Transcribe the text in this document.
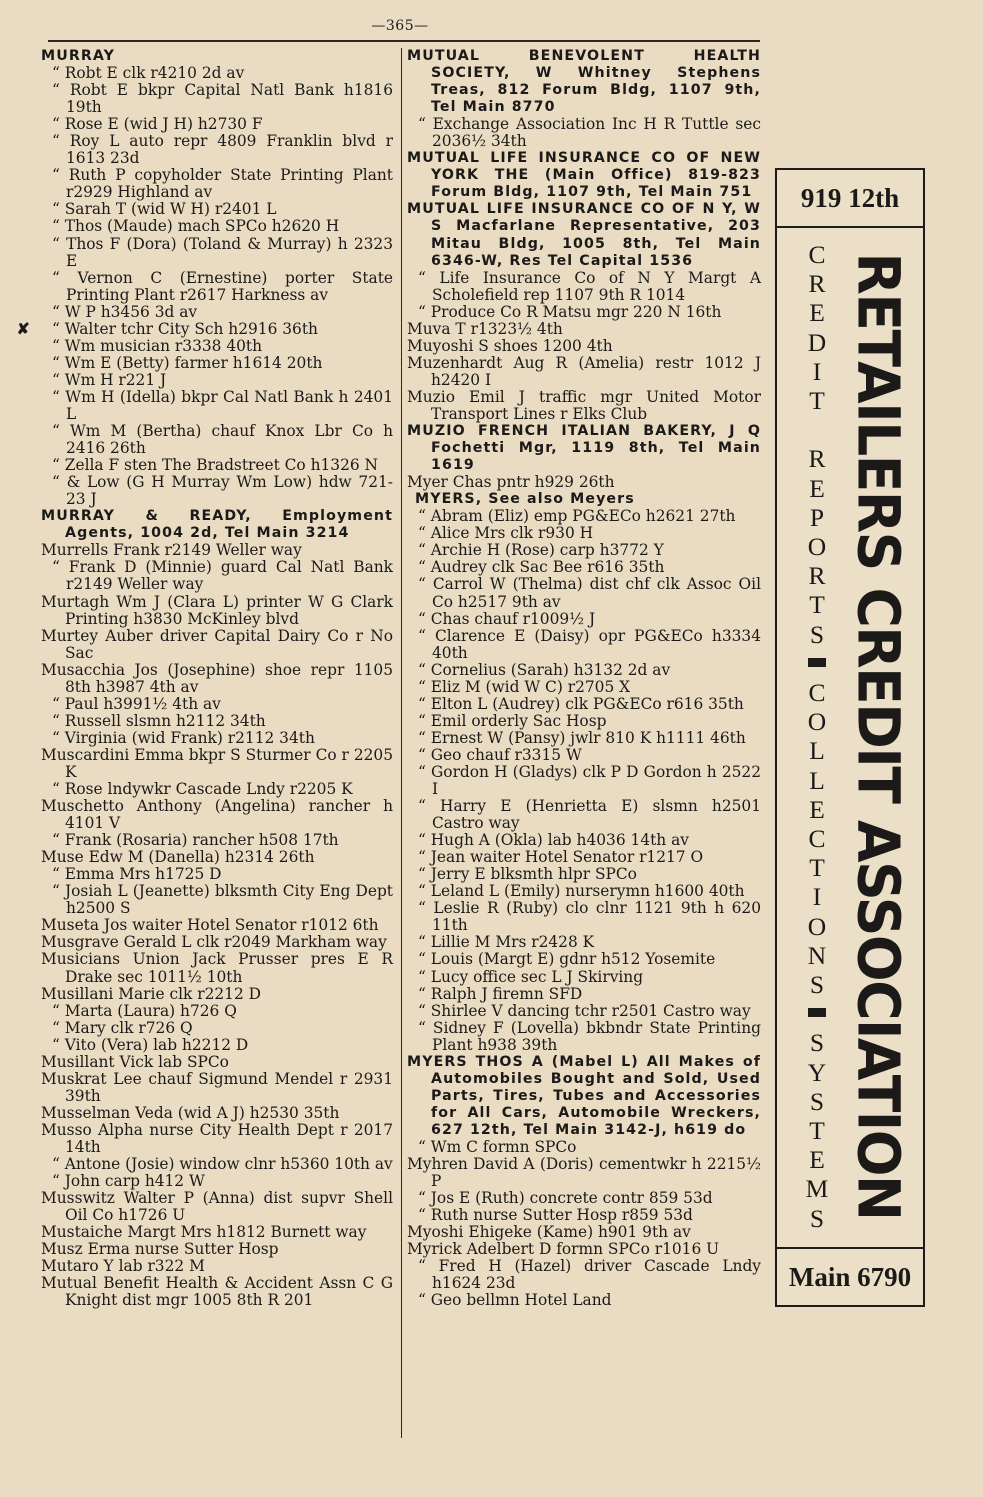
—365—
MURRAY
“ Robt E clk r4210 2d av
“ Robt E bkpr Capital Natl Bank h1816 19th
“ Rose E (wid J H) h2730 F
“ Roy L auto repr 4809 Franklin blvd r 1613 23d
“ Ruth P copyholder State Printing Plant r2929 Highland av
“ Sarah T (wid W H) r2401 L
“ Thos (Maude) mach SPCo h2620 H
“ Thos F (Dora) (Toland & Murray) h 2323 E
“ Vernon C (Ernestine) porter State Printing Plant r2617 Harkness av
“ W P h3456 3d av
“ ✘ Walter tchr City Sch h2916 36th
“ Wm musician r3338 40th
“ Wm E (Betty) farmer h1614 20th
“ Wm H r221 J
“ Wm H (Idella) bkpr Cal Natl Bank h 2401 L
“ Wm M (Bertha) chauf Knox Lbr Co h 2416 26th
“ Zella F sten The Bradstreet Co h1326 N
“ & Low (G H Murray Wm Low) hdw 721-23 J
MURRAY & READY, Employment Agents, 1004 2d, Tel Main 3214
Murrells Frank r2149 Weller way
“ Frank D (Minnie) guard Cal Natl Bank r2149 Weller way
Murtagh Wm J (Clara L) printer W G Clark Printing h3830 McKinley blvd
Murtey Auber driver Capital Dairy Co r No Sac
Musacchia Jos (Josephine) shoe repr 1105 8th h3987 4th av
“ Paul h3991½ 4th av
“ Russell slsmn h2112 34th
“ Virginia (wid Frank) r2112 34th
Muscardini Emma bkpr S Sturmer Co r 2205 K
“ Rose lndywkr Cascade Lndy r2205 K
Muschetto Anthony (Angelina) rancher h 4101 V
“ Frank (Rosaria) rancher h508 17th
Muse Edw M (Danella) h2314 26th
“ Emma Mrs h1725 D
“ Josiah L (Jeanette) blksmth City Eng Dept h2500 S
Museta Jos waiter Hotel Senator r1012 6th
Musgrave Gerald L clk r2049 Markham way
Musicians Union Jack Prusser pres E R Drake sec 1011½ 10th
Musillani Marie clk r2212 D
“ Marta (Laura) h726 Q
“ Mary clk r726 Q
“ Vito (Vera) lab h2212 D
Musillant Vick lab SPCo
Muskrat Lee chauf Sigmund Mendel r 2931 39th
Musselman Veda (wid A J) h2530 35th
Musso Alpha nurse City Health Dept r 2017 14th
“ Antone (Josie) window clnr h5360 10th av
“ John carp h412 W
Musswitz Walter P (Anna) dist supvr Shell Oil Co h1726 U
Mustaiche Margt Mrs h1812 Burnett way
Musz Erma nurse Sutter Hosp
Mutaro Y lab r322 M
Mutual Benefit Health & Accident Assn C G Knight dist mgr 1005 8th R 201
MUTUAL BENEVOLENT HEALTH SOCIETY, W Whitney Stephens Treas, 812 Forum Bldg, 1107 9th, Tel Main 8770
“ Exchange Association Inc H R Tuttle sec 2036½ 34th
MUTUAL LIFE INSURANCE CO OF NEW YORK THE (Main Office) 819-823 Forum Bldg, 1107 9th, Tel Main 751
MUTUAL LIFE INSURANCE CO OF N Y, W S Macfarlane Representative, 203 Mitau Bldg, 1005 8th, Tel Main 6346-W, Res Tel Capital 1536
“ Life Insurance Co of N Y Margt A Scholefield rep 1107 9th R 1014
“ Produce Co R Matsu mgr 220 N 16th
Muva T r1323½ 4th
Muyoshi S shoes 1200 4th
Muzenhardt Aug R (Amelia) restr 1012 J h2420 I
Muzio Emil J traffic mgr United Motor Transport Lines r Elks Club
MUZIO FRENCH ITALIAN BAKERY, J Q Fochetti Mgr, 1119 8th, Tel Main 1619
Myer Chas pntr h929 26th
MYERS, See also Meyers
“ Abram (Eliz) emp PG&ECo h2621 27th
“ Alice Mrs clk r930 H
“ Archie H (Rose) carp h3772 Y
“ Audrey clk Sac Bee r616 35th
“ Carrol W (Thelma) dist chf clk Assoc Oil Co h2517 9th av
“ Chas chauf r1009½ J
“ Clarence E (Daisy) opr PG&ECo h3334 40th
“ Cornelius (Sarah) h3132 2d av
“ Eliz M (wid W C) r2705 X
“ Elton L (Audrey) clk PG&ECo r616 35th
“ Emil orderly Sac Hosp
“ Ernest W (Pansy) jwlr 810 K h1111 46th
“ Geo chauf r3315 W
“ Gordon H (Gladys) clk P D Gordon h 2522 I
“ Harry E (Henrietta E) slsmn h2501 Castro way
“ Hugh A (Okla) lab h4036 14th av
“ Jean waiter Hotel Senator r1217 O
“ Jerry E blksmth hlpr SPCo
“ Leland L (Emily) nurserymn h1600 40th
“ Leslie R (Ruby) clo clnr 1121 9th h 620 11th
“ Lillie M Mrs r2428 K
“ Louis (Margt E) gdnr h512 Yosemite
“ Lucy office sec L J Skirving
“ Ralph J firemn SFD
“ Shirlee V dancing tchr r2501 Castro way
“ Sidney F (Lovella) bkbndr State Printing Plant h938 39th
MYERS THOS A (Mabel L) All Makes of Automobiles Bought and Sold, Used Parts, Tires, Tubes and Accessories for All Cars, Automobile Wreckers, 627 12th, Tel Main 3142-J, h619 do
“ Wm C formn SPCo
Myhren David A (Doris) cementwkr h 2215½ P
“ Jos E (Ruth) concrete contr 859 53d
“ Ruth nurse Sutter Hosp r859 53d
Myoshi Ehigeke (Kame) h901 9th av
Myrick Adelbert D formn SPCo r1016 U
“ Fred H (Hazel) driver Cascade Lndy h1624 23d
“ Geo bellmn Hotel Land
919 12th
C
R
E
D
I
T

R
E
P
O
R
T
S
C
O
L
L
E
C
T
I
O
N
S
S
Y
S
T
E
M
S RETAILERS CREDIT ASSOCIATION
Main 6790
